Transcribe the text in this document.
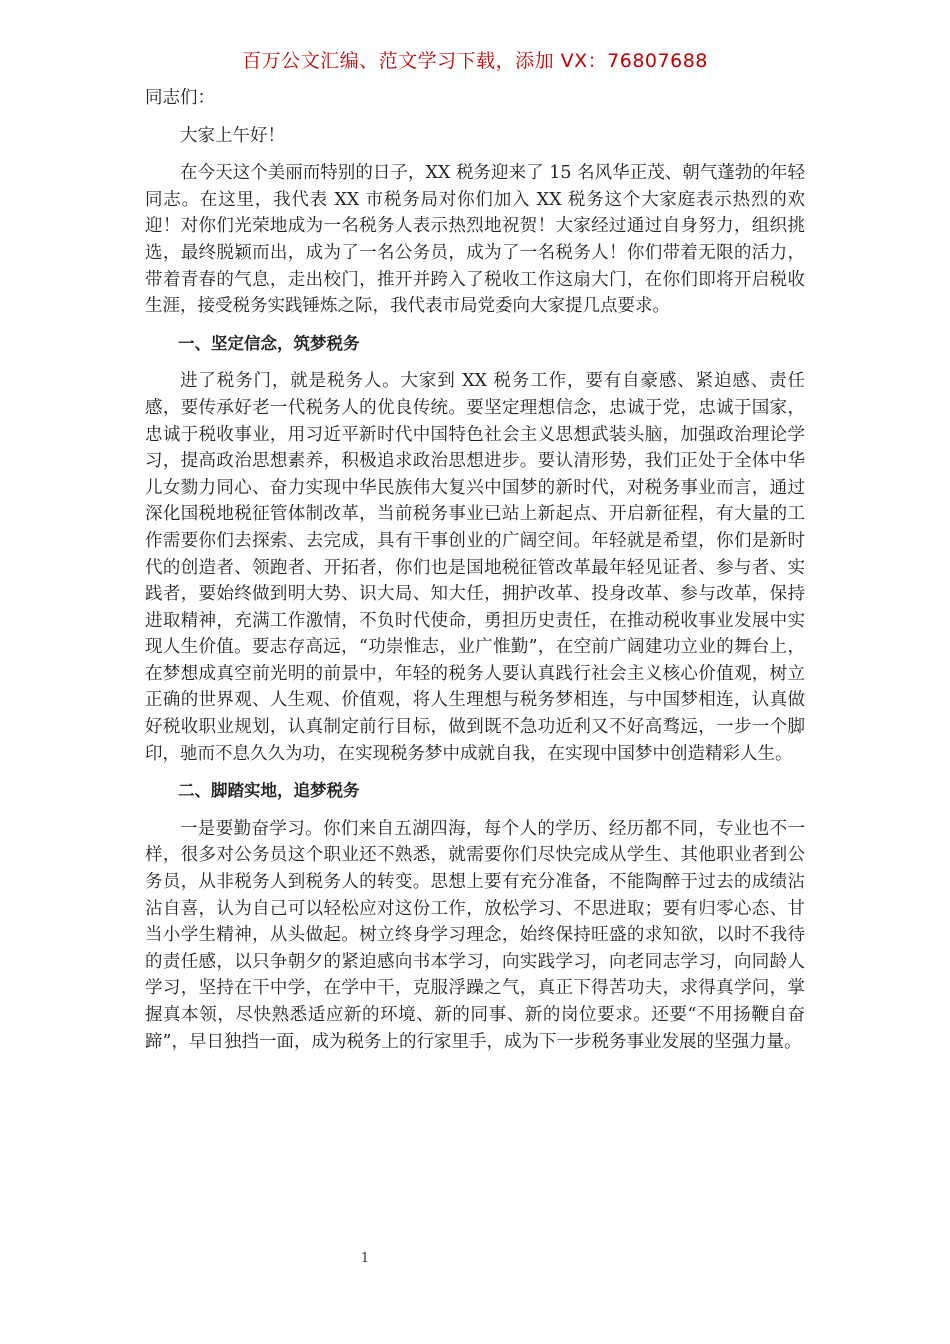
百万公文汇编、范文学习下载，添加 VX：76807688

同志们：

大家上午好！

在今天这个美丽而特别的日子，XX 税务迎来了 15 名风华正茂、朝气蓬勃的年轻同志。在这里，我代表 XX 市税务局对你们加入 XX 税务这个大家庭表示热烈的欢迎！对你们光荣地成为一名税务人表示热烈地祝贺！大家经过通过自身努力，组织挑选，最终脱颖而出，成为了一名公务员，成为了一名税务人！你们带着无限的活力，带着青春的气息，走出校门，推开并跨入了税收工作这扇大门，在你们即将开启税收生涯，接受税务实践锤炼之际，我代表市局党委向大家提几点要求。

一、坚定信念，筑梦税务

进了税务门，就是税务人。大家到 XX 税务工作，要有自豪感、紧迫感、责任感，要传承好老一代税务人的优良传统。要坚定理想信念，忠诚于党，忠诚于国家，忠诚于税收事业，用习近平新时代中国特色社会主义思想武装头脑，加强政治理论学习，提高政治思想素养，积极追求政治思想进步。要认清形势，我们正处于全体中华儿女勠力同心、奋力实现中华民族伟大复兴中国梦的新时代，对税务事业而言，通过深化国税地税征管体制改革，当前税务事业已站上新起点、开启新征程，有大量的工作需要你们去探索、去完成，具有干事创业的广阔空间。年轻就是希望，你们是新时代的创造者、领跑者、开拓者，你们也是国地税征管改革最年轻见证者、参与者、实践者，要始终做到明大势、识大局、知大任，拥护改革、投身改革、参与改革，保持进取精神，充满工作激情，不负时代使命，勇担历史责任，在推动税收事业发展中实现人生价值。要志存高远，“功崇惟志，业广惟勤”，在空前广阔建功立业的舞台上，在梦想成真空前光明的前景中，年轻的税务人要认真践行社会主义核心价值观，树立正确的世界观、人生观、价值观，将人生理想与税务梦相连，与中国梦相连，认真做好税收职业规划，认真制定前行目标，做到既不急功近利又不好高骛远，一步一个脚印，驰而不息久久为功，在实现税务梦中成就自我，在实现中国梦中创造精彩人生。

二、脚踏实地，追梦税务

一是要勤奋学习。你们来自五湖四海，每个人的学历、经历都不同，专业也不一样，很多对公务员这个职业还不熟悉，就需要你们尽快完成从学生、其他职业者到公务员，从非税务人到税务人的转变。思想上要有充分准备，不能陶醉于过去的成绩沾沾自喜，认为自己可以轻松应对这份工作，放松学习、不思进取；要有归零心态、甘当小学生精神，从头做起。树立终身学习理念，始终保持旺盛的求知欲，以时不我待的责任感，以只争朝夕的紧迫感向书本学习，向实践学习，向老同志学习，向同龄人学习，坚持在干中学，在学中干，克服浮躁之气，真正下得苦功夫，求得真学问，掌握真本领，尽快熟悉适应新的环境、新的同事、新的岗位要求。还要“不用扬鞭自奋蹄”，早日独挡一面，成为税务上的行家里手，成为下一步税务事业发展的坚强力量。

1
